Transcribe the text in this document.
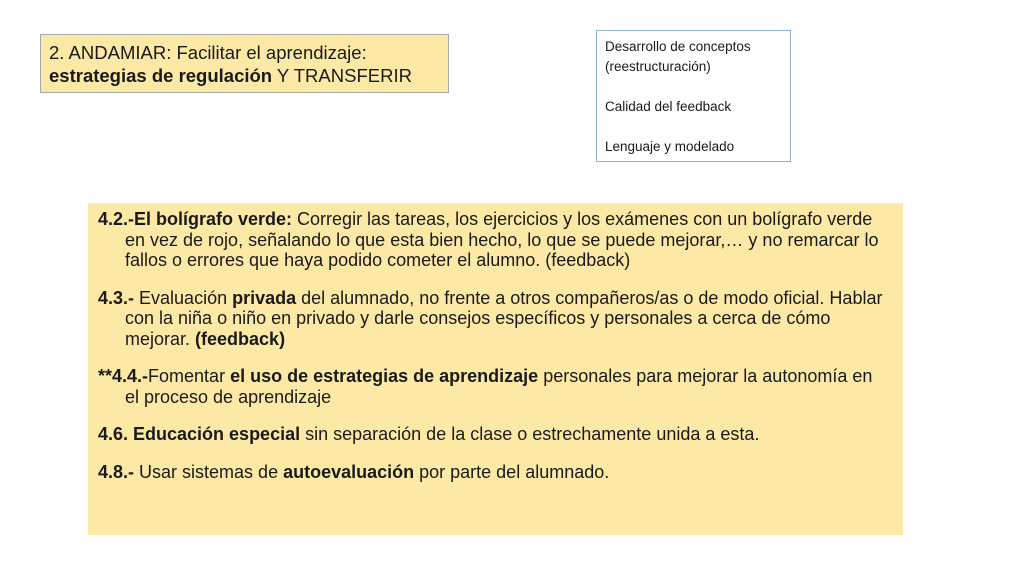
2. ANDAMIAR: Facilitar el aprendizaje:
estrategias de regulación Y TRANSFERIR
Desarrollo de conceptos
(reestructuración)
Calidad del feedback
Lenguaje y modelado

4.2.-El bolígrafo verde: Corregir las tareas, los ejercicios y los exámenes con un bolígrafo verde en vez de rojo, señalando lo que esta bien hecho, lo que se puede mejorar,… y no remarcar lo fallos o errores que haya podido cometer el alumno. (feedback)

4.3.- Evaluación privada del alumnado, no frente a otros compañeros/as o de modo oficial. Hablar con la niña o niño en privado y darle consejos específicos y personales a cerca de cómo mejorar. (feedback)

**4.4.-Fomentar el uso de estrategias de aprendizaje personales para mejorar la autonomía en el proceso de aprendizaje

4.6. Educación especial sin separación de la clase o estrechamente unida a esta.

4.8.- Usar sistemas de autoevaluación por parte del alumnado.
